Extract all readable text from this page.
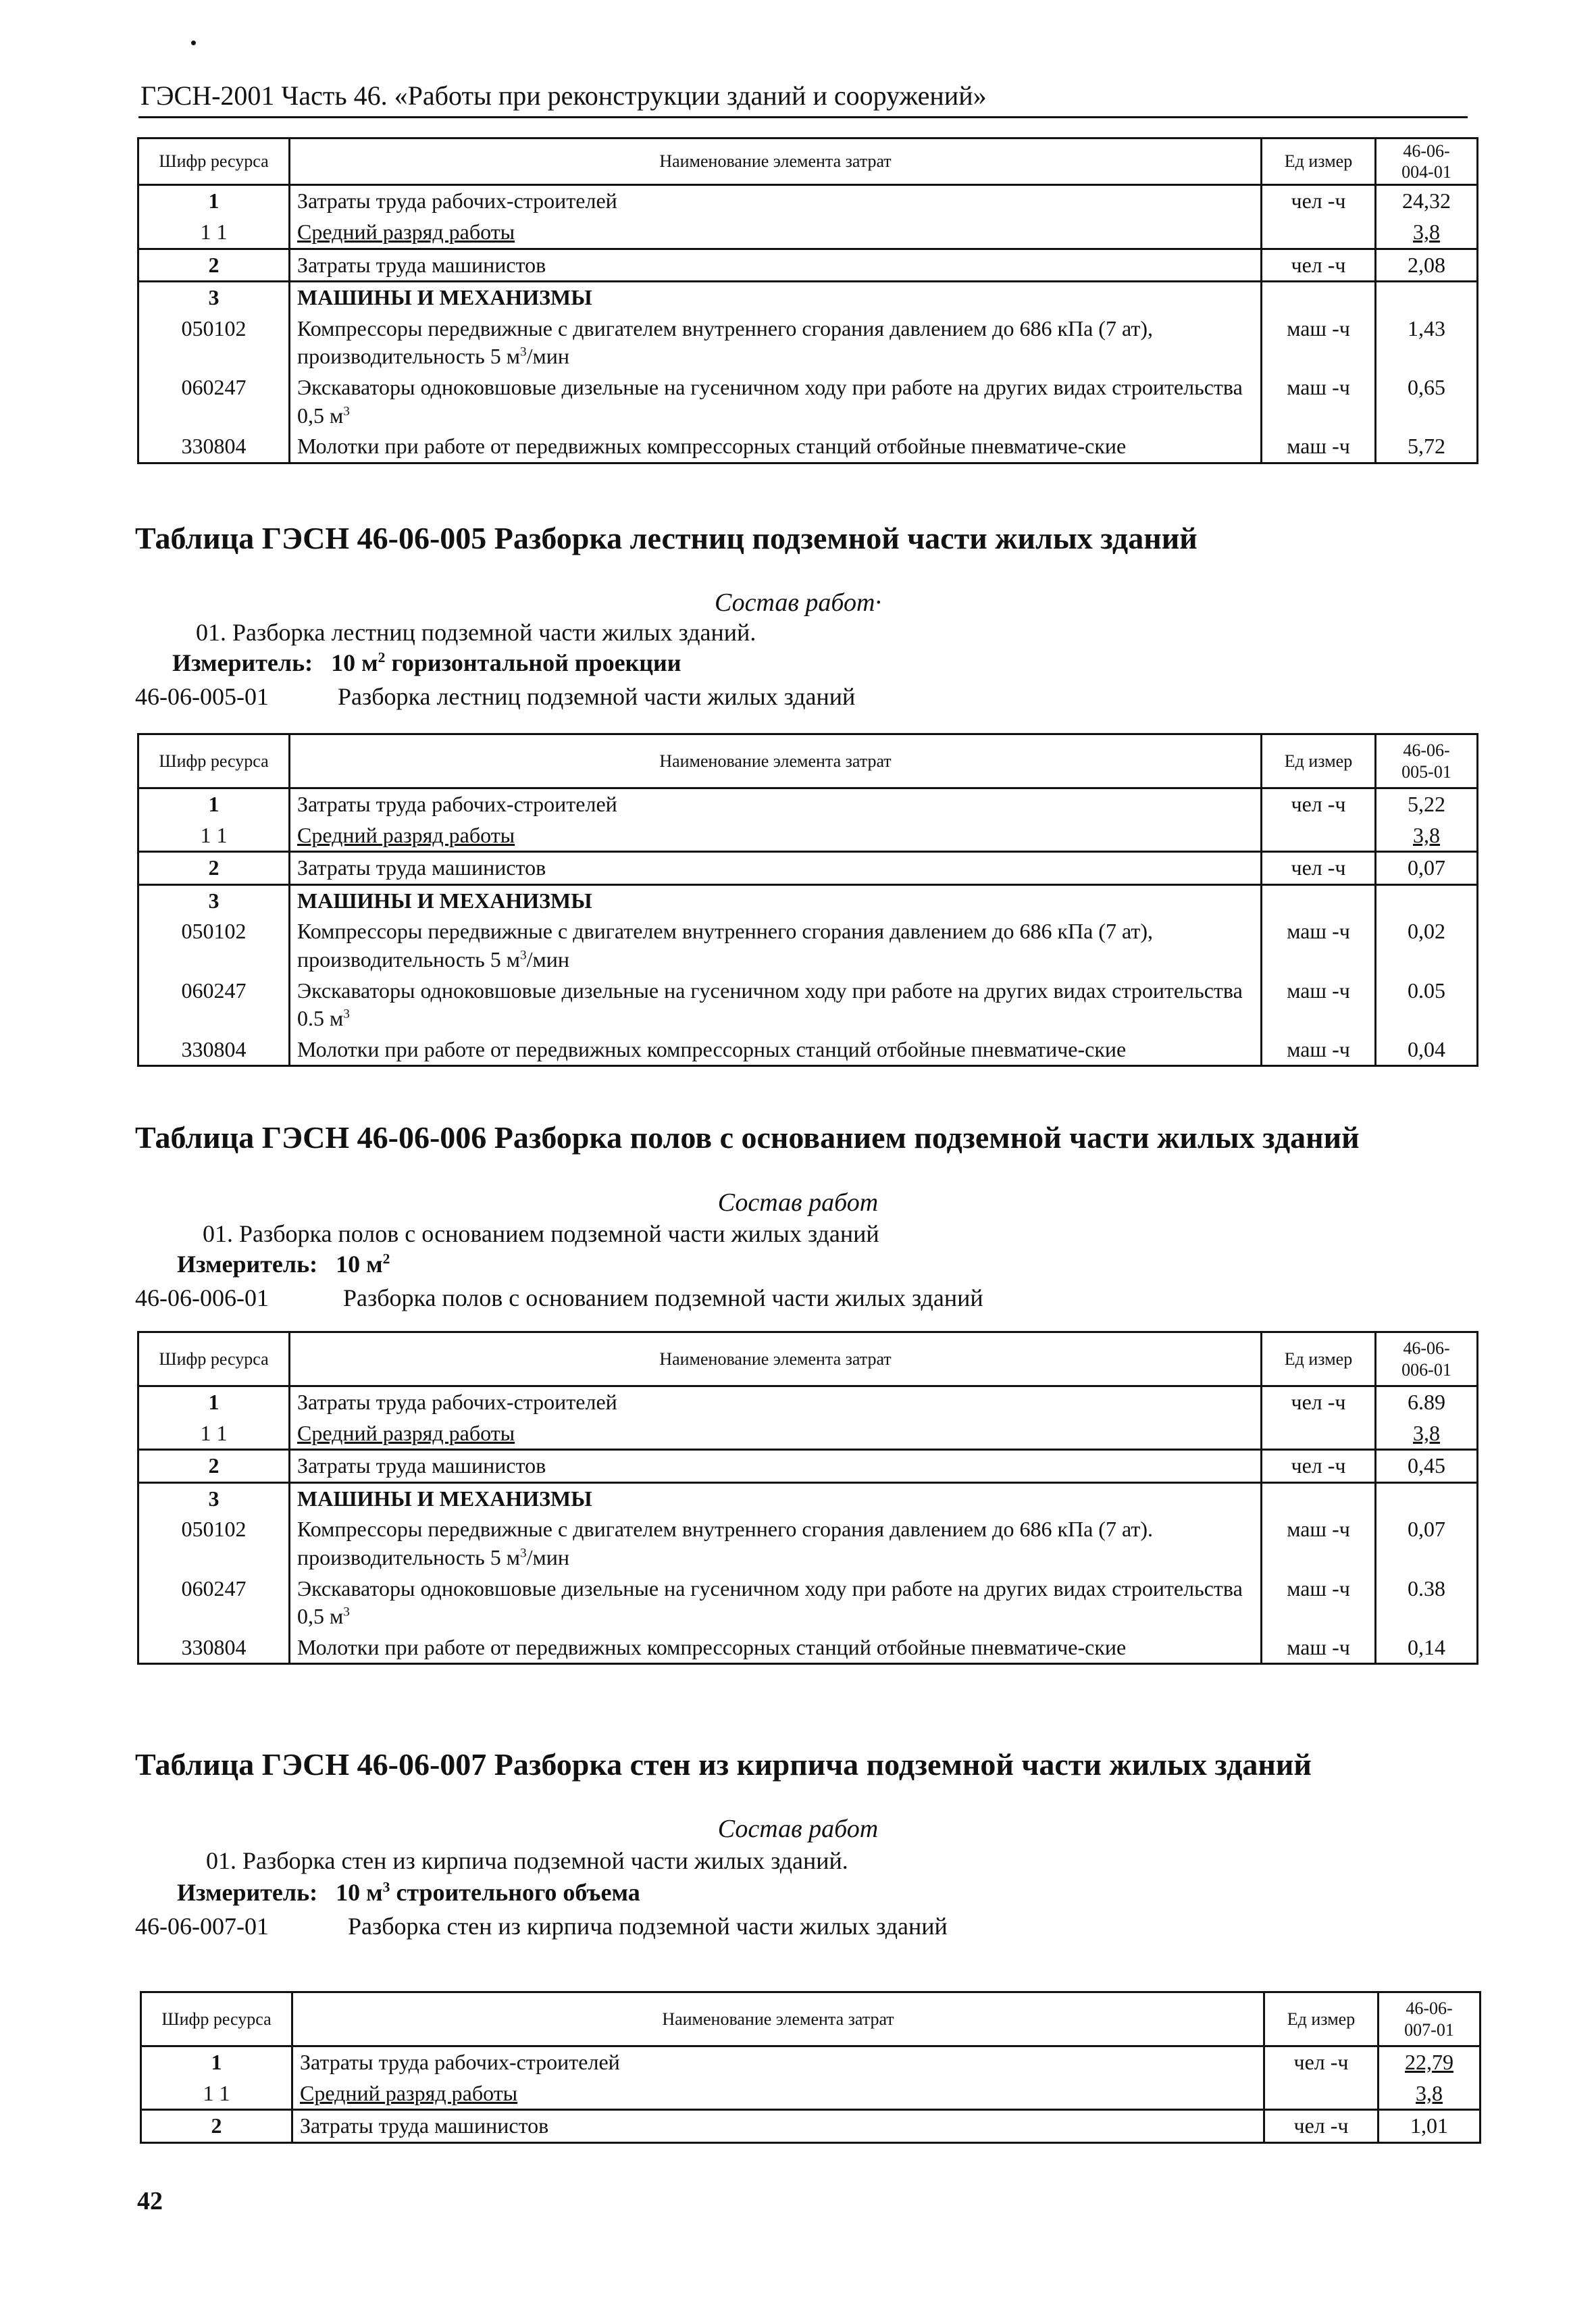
ГЭСН-2001 Часть 46. «Работы при реконструкции зданий и сооружений»
Шифр ресурса	Наименование элемента затрат	Ед измер	46-06-
004-01
1	Затраты труда рабочих-строителей	чел -ч	24,32
1 1	Средний разряд работы		3,8
2	Затраты труда машинистов	чел -ч	2,08
3	МАШИНЫ И МЕХАНИЗМЫ		
050102	Компрессоры передвижные с двигателем внутреннего сгорания давлением до 686 кПа (7 ат), производительность 5 $м^3$/мин	маш -ч	1,43
060247	Экскаваторы одноковшовые дизельные на гусеничном ходу при работе на других видах строительства 0,5 $м^3$	маш -ч	0,65
330804	Молотки при работе от передвижных компрессорных станций отбойные пневматиче-ские	маш -ч	5,72
Таблица ГЭСН 46-06-005 Разборка лестниц подземной части жилых зданий
Состав работ·
01. Разборка лестниц подземной части жилых зданий.
Измеритель: 10 $м^2$ горизонтальной проекции
46-06-005-01	Разборка лестниц подземной части жилых зданий
Шифр ресурса	Наименование элемента затрат	Ед измер	46-06-
005-01
1	Затраты труда рабочих-строителей	чел -ч	5,22
1 1	Средний разряд работы		3,8
2	Затраты труда машинистов	чел -ч	0,07
3	МАШИНЫ И МЕХАНИЗМЫ		
050102	Компрессоры передвижные с двигателем внутреннего сгорания давлением до 686 кПа (7 ат), производительность 5 $м^3$/мин	маш -ч	0,02
060247	Экскаваторы одноковшовые дизельные на гусеничном ходу при работе на других видах строительства 0.5 $м^3$	маш -ч	0.05
330804	Молотки при работе от передвижных компрессорных станций отбойные пневматиче-ские	маш -ч	0,04
Таблица ГЭСН 46-06-006 Разборка полов с основанием подземной части жилых зданий
Состав работ
01. Разборка полов с основанием подземной части жилых зданий
Измеритель: 10 $м^2$
46-06-006-01	Разборка полов с основанием подземной части жилых зданий
Шифр ресурса	Наименование элемента затрат	Ед измер	46-06-
006-01
1	Затраты труда рабочих-строителей	чел -ч	6.89
1 1	Средний разряд работы		3,8
2	Затраты труда машинистов	чел -ч	0,45
3	МАШИНЫ И МЕХАНИЗМЫ		
050102	Компрессоры передвижные с двигателем внутреннего сгорания давлением до 686 кПа (7 ат). производительность 5 $м^3$/мин	маш -ч	0,07
060247	Экскаваторы одноковшовые дизельные на гусеничном ходу при работе на других видах строительства 0,5 $м^3$	маш -ч	0.38
330804	Молотки при работе от передвижных компрессорных станций отбойные пневматиче-ские	маш -ч	0,14
Таблица ГЭСН 46-06-007 Разборка стен из кирпича подземной части жилых зданий
Состав работ
01. Разборка стен из кирпича подземной части жилых зданий.
Измеритель: 10 $м^3$ строительного объема
46-06-007-01	Разборка стен из кирпича подземной части жилых зданий
Шифр ресурса	Наименование элемента затрат	Ед измер	46-06-
007-01
1	Затраты труда рабочих-строителей	чел -ч	22,79
1 1	Средний разряд работы		3,8
2	Затраты труда машинистов	чел -ч	1,01
42
